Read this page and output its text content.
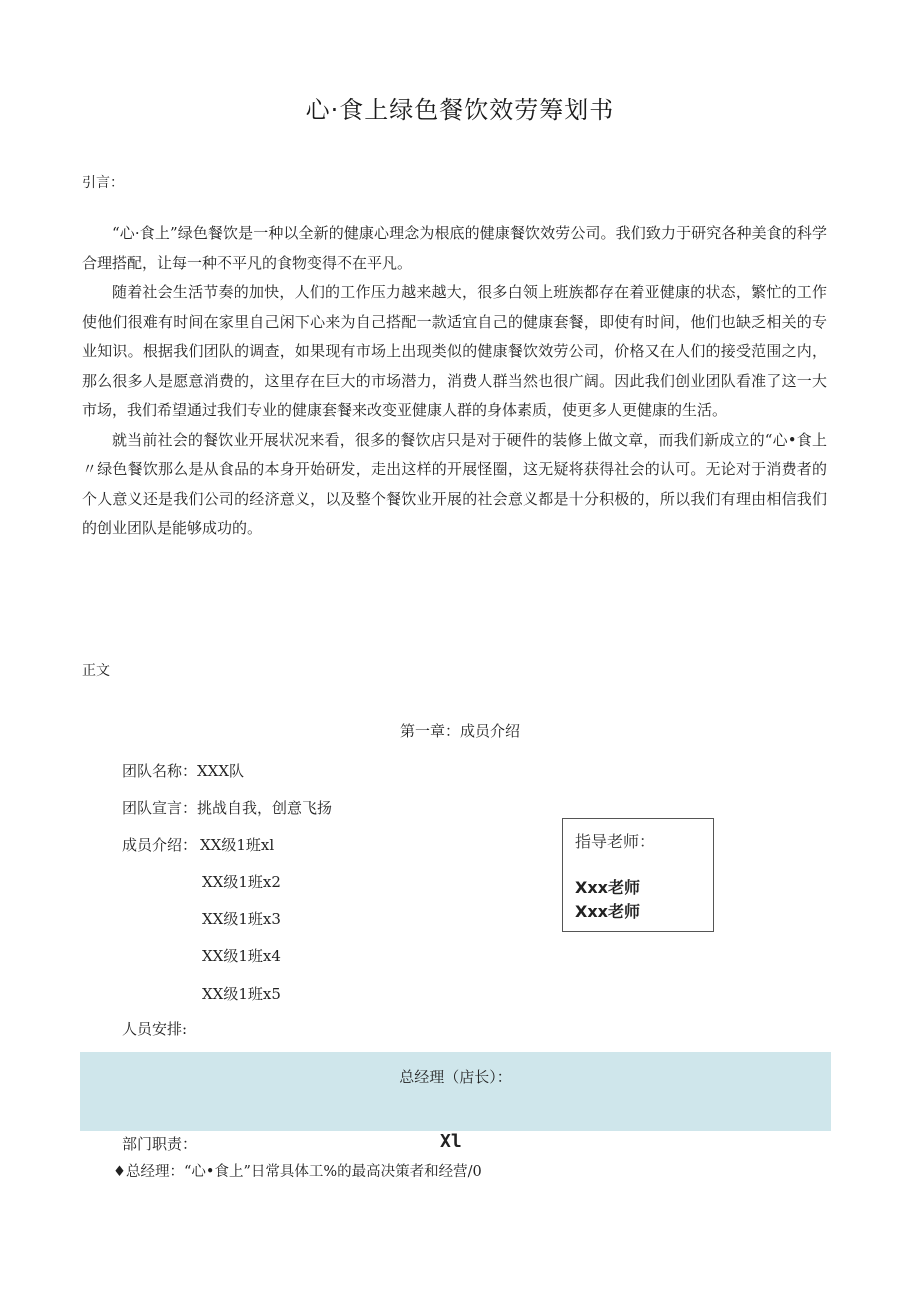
心·食上绿色餐饮效劳筹划书
引言：

“心·食上”绿色餐饮是一种以全新的健康心理念为根底的健康餐饮效劳公司。我们致力于研究各种美食的科学合理搭配，让每一种不平凡的食物变得不在平凡。

随着社会生活节奏的加快，人们的工作压力越来越大，很多白领上班族都存在着亚健康的状态，繁忙的工作使他们很难有时间在家里自己闲下心来为自己搭配一款适宜自己的健康套餐，即使有时间，他们也缺乏相关的专业知识。根据我们团队的调查，如果现有市场上出现类似的健康餐饮效劳公司，价格又在人们的接受范围之内，那么很多人是愿意消费的，这里存在巨大的市场潜力，消费人群当然也很广阔。因此我们创业团队看准了这一大市场，我们希望通过我们专业的健康套餐来改变亚健康人群的身体素质，使更多人更健康的生活。

就当前社会的餐饮业开展状况来看，很多的餐饮店只是对于硬件的装修上做文章，而我们新成立的“心•食上〃绿色餐饮那么是从食品的本身开始研发，走出这样的开展怪圈，这无疑将获得社会的认可。无论对于消费者的个人意义还是我们公司的经济意义，以及整个餐饮业开展的社会意义都是十分积极的，所以我们有理由相信我们的创业团队是能够成功的。

正文
第一章：成员介绍
团队名称：XXX队
团队宣言：挑战自我，创意飞扬
成员介绍： XX级1班xl
XX级1班x2
XX级1班x3
XX级1班x4
XX级1班x5
指导老师：
Xxx老师
Xxx老师
人员安排:
总经理（店长）：
部门职责：	Xl
♦总经理：“心•食上”日常具体工%的最高决策者和经营/0
